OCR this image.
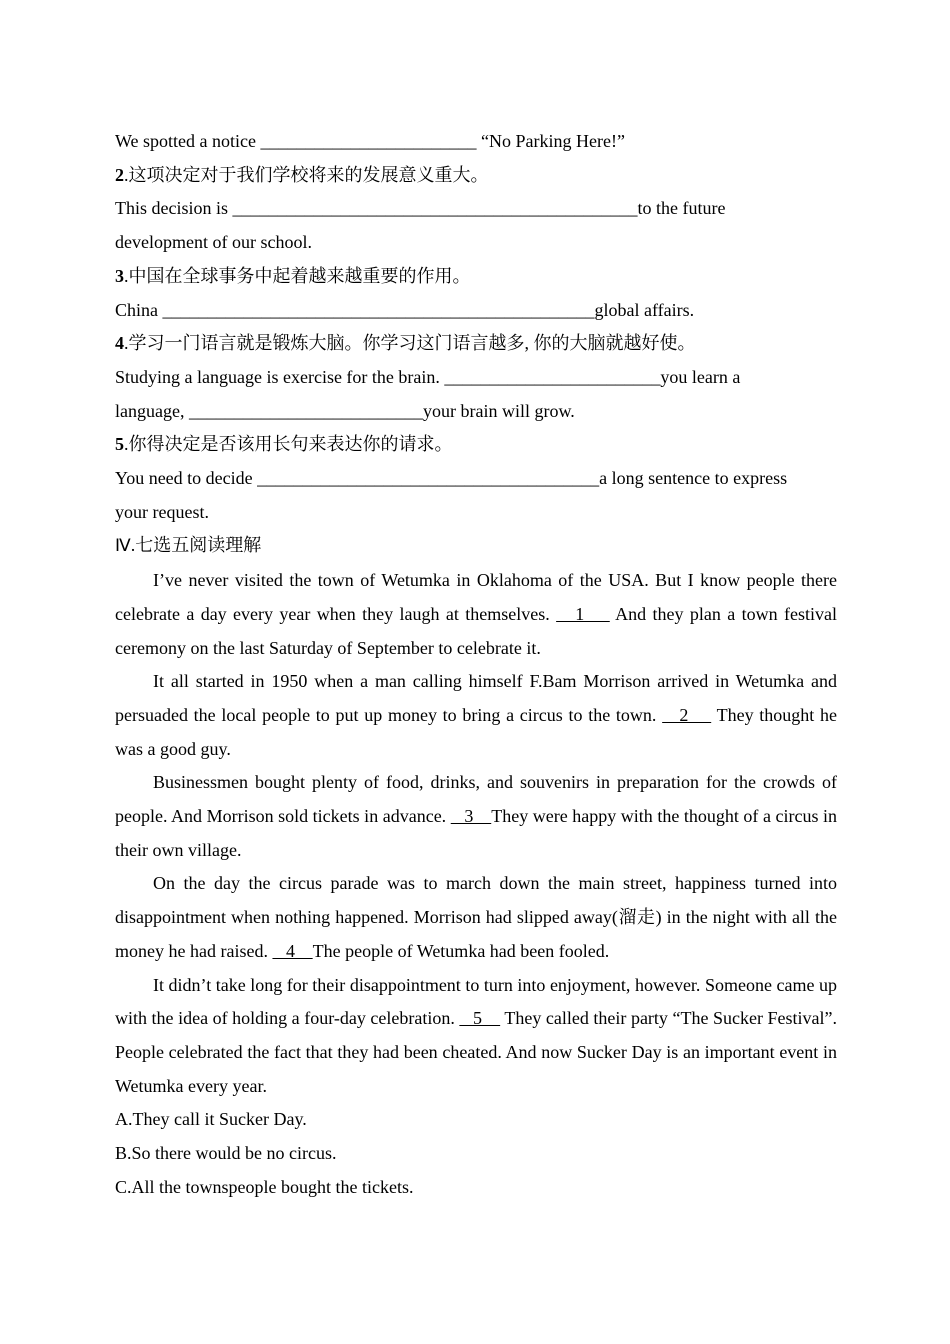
We spotted a notice ________________________ “No Parking Here!”
2.这项决定对于我们学校将来的发展意义重大。
This decision is _____________________________________________to the future
development of our school.
3.中国在全球事务中起着越来越重要的作用。
China ________________________________________________global affairs.
4.学习一门语言就是锻炼大脑。你学习这门语言越多, 你的大脑就越好使。
Studying a language is exercise for the brain. ________________________you learn a
language, __________________________your brain will grow.
5.你得决定是否该用长句来表达你的请求。
You need to decide ______________________________________a long sentence to express
your request.
Ⅳ.七选五阅读理解
I’ve never visited the town of Wetumka in Oklahoma of the USA. But I know people there celebrate a day every year when they laugh at themselves.    1     And they plan a town festival ceremony on the last Saturday of September to celebrate it.
It all started in 1950 when a man calling himself F.Bam Morrison arrived in Wetumka and persuaded the local people to put up money to bring a circus to the town.    2     They thought he was a good guy.
Businessmen bought plenty of food, drinks, and souvenirs in preparation for the crowds of people. And Morrison sold tickets in advance.    3    They were happy with the thought of a circus in their own village.
On the day the circus parade was to march down the main street, happiness turned into disappointment when nothing happened. Morrison had slipped away(溜走) in the night with all the money he had raised.    4    The people of Wetumka had been fooled.
It didn’t take long for their disappointment to turn into enjoyment, however. Someone came up with the idea of holding a four-day celebration.    5     They called their party “The Sucker Festival”. People celebrated the fact that they had been cheated. And now Sucker Day is an important event in Wetumka every year.
A.They call it Sucker Day.
B.So there would be no circus.
C.All the townspeople bought the tickets.
